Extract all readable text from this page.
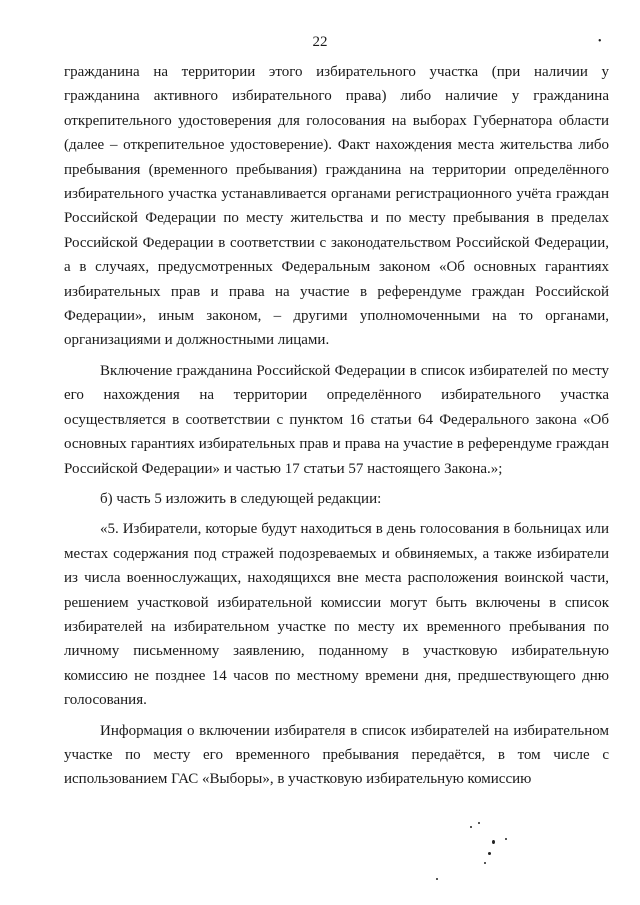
22	•

гражданина на территории этого избирательного участка (при наличии у гражданина активного избирательного права) либо наличие у гражданина открепительного удостоверения для голосования на выборах Губернатора области (далее – открепительное удостоверение). Факт нахождения места жительства либо пребывания (временного пребывания) гражданина на территории определённого избирательного участка устанавливается органами регистрационного учёта граждан Российской Федерации по месту жительства и по месту пребывания в пределах Российской Федерации в соответствии с законодательством Российской Федерации, а в случаях, предусмотренных Федеральным законом «Об основных гарантиях избирательных прав и права на участие в референдуме граждан Российской Федерации», иным законом, – другими уполномоченными на то органами, организациями и должностными лицами.

Включение гражданина Российской Федерации в список избирателей по месту его нахождения на территории определённого избирательного участка осуществляется в соответствии с пунктом 16 статьи 64 Федерального закона «Об основных гарантиях избирательных прав и права на участие в референдуме граждан Российской Федерации» и частью 17 статьи 57 настоящего Закона.»;

б) часть 5 изложить в следующей редакции:

«5. Избиратели, которые будут находиться в день голосования в больницах или местах содержания под стражей подозреваемых и обвиняемых, а также избиратели из числа военнослужащих, находящихся вне места расположения воинской части, решением участковой избирательной комиссии могут быть включены в список избирателей на избирательном участке по месту их временного пребывания по личному письменному заявлению, поданному в участковую избирательную комиссию не позднее 14 часов по местному времени дня, предшествующего дню голосования.

Информация о включении избирателя в список избирателей на избирательном участке по месту его временного пребывания передаётся, в том числе с использованием ГАС «Выборы», в участковую избирательную комиссию
